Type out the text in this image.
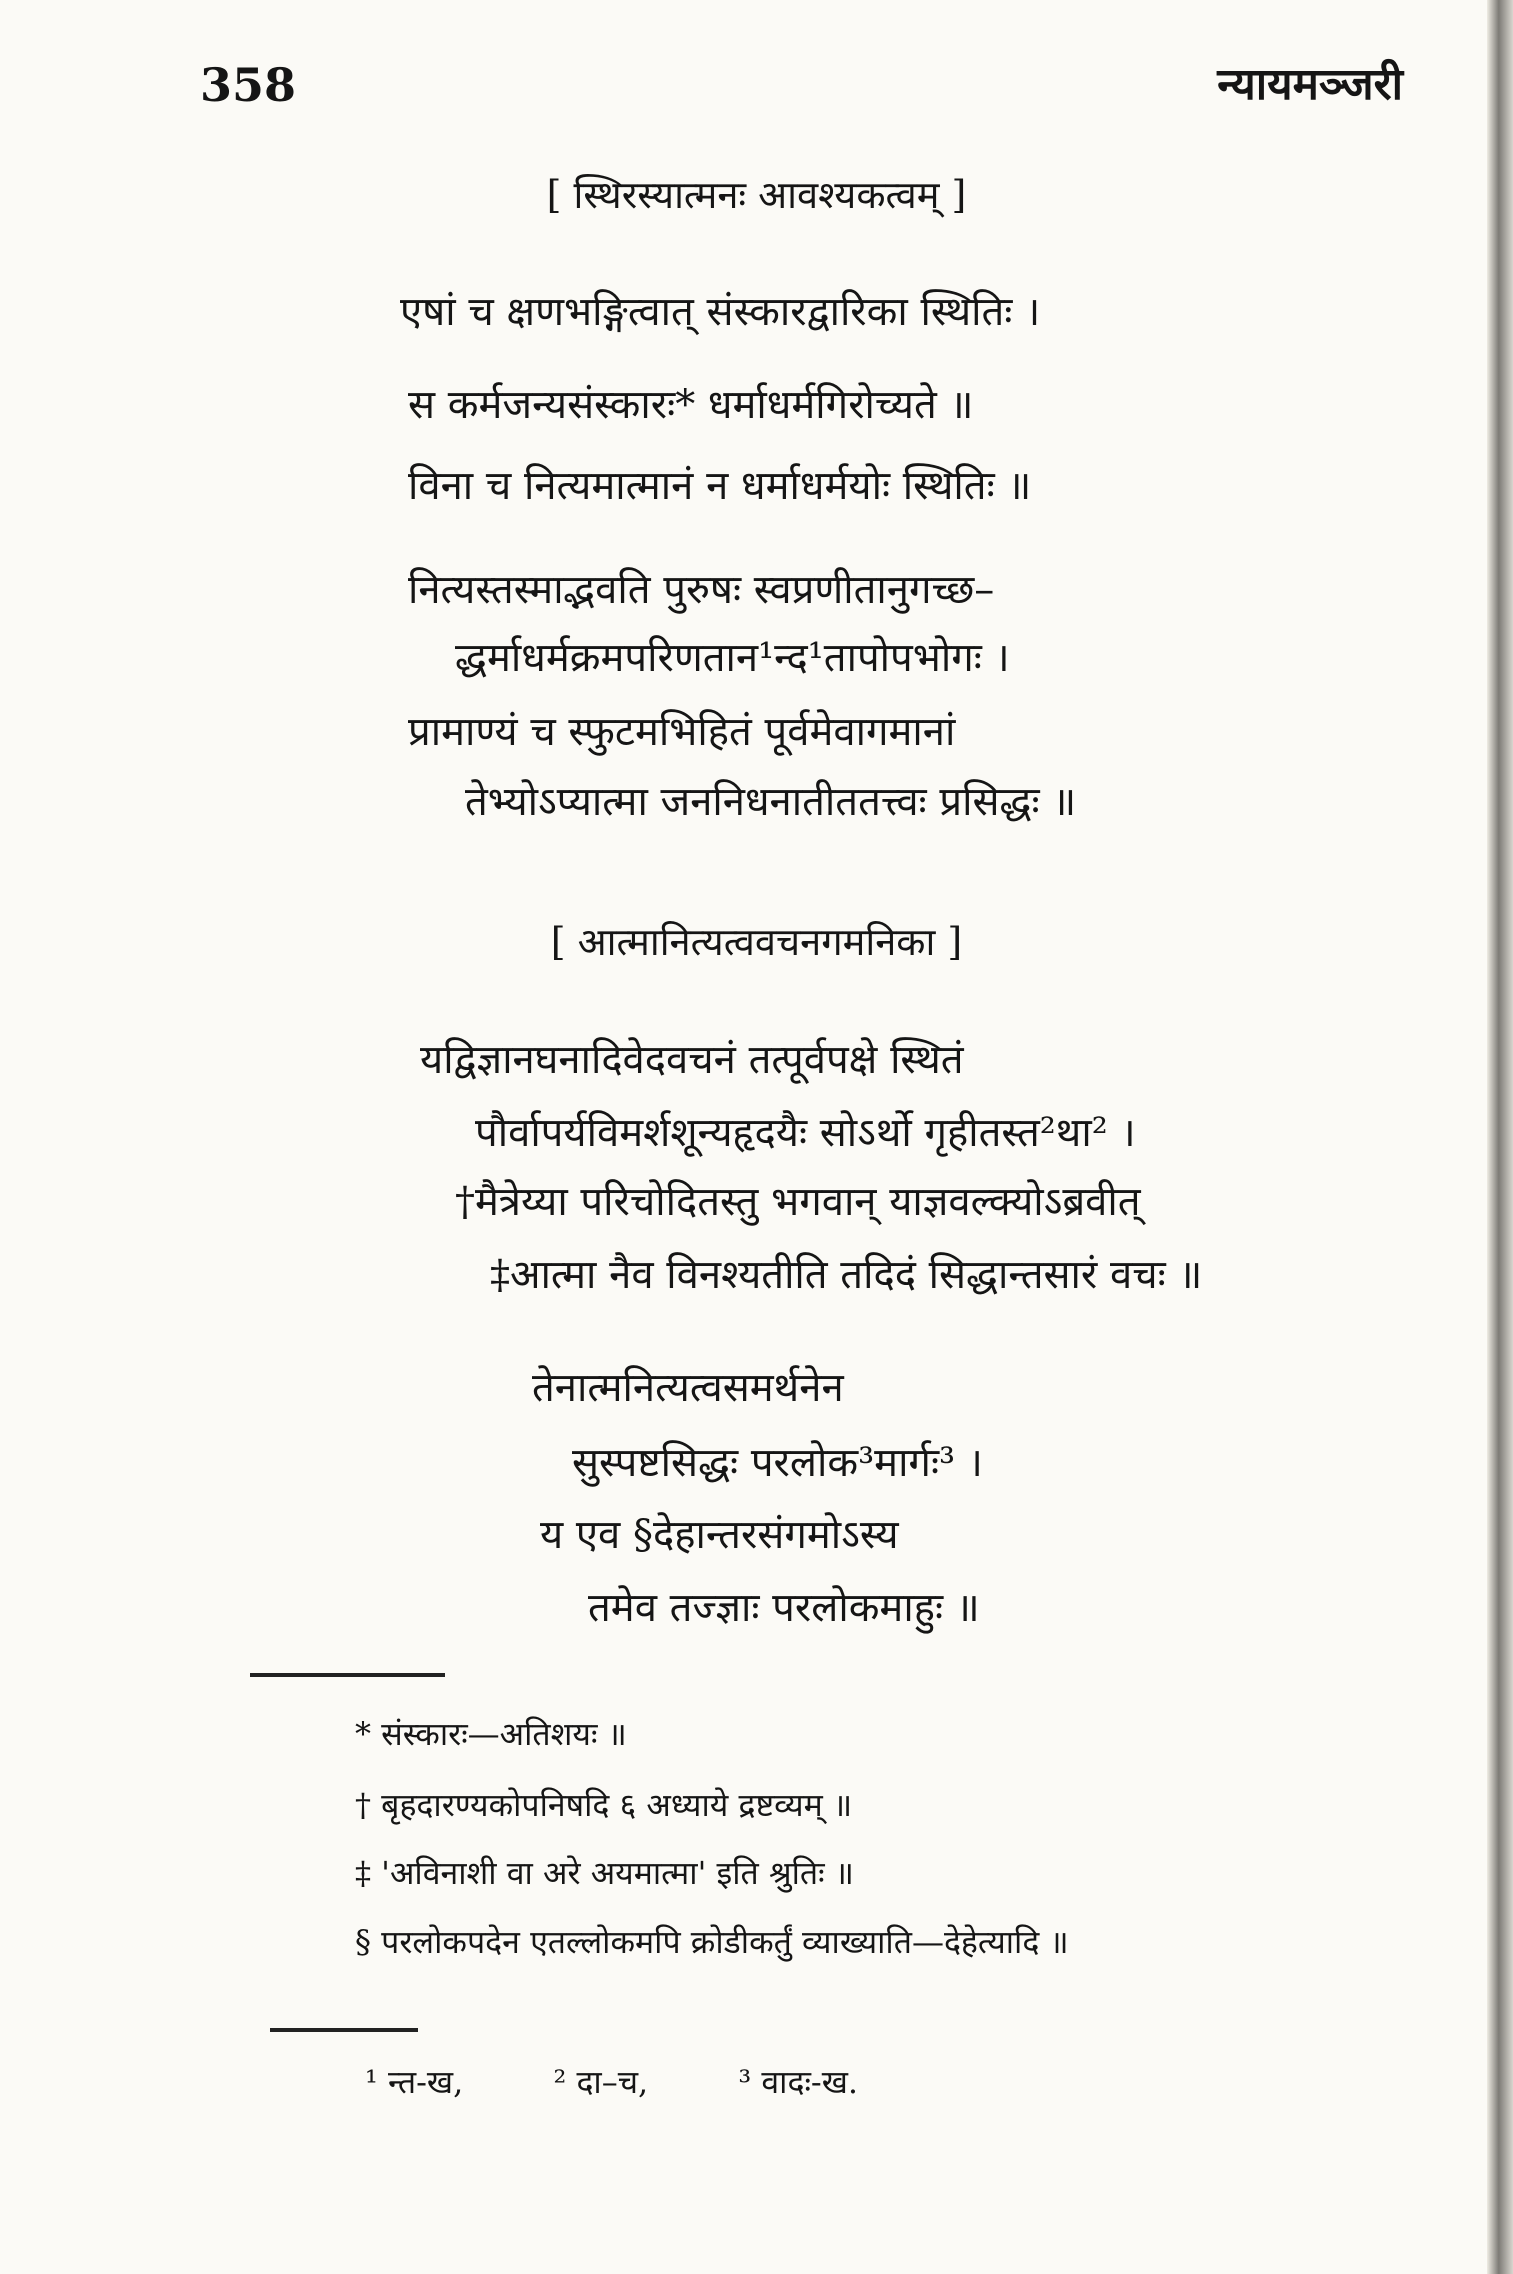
358	न्यायमञ्जरी
[ स्थिरस्यात्मनः आवश्यकत्वम् ]
एषां च क्षणभङ्गित्वात् संस्कारद्वारिका स्थितिः ।
स कर्मजन्यसंस्कारः* धर्माधर्मगिरोच्यते ॥
विना च नित्यमात्मानं न धर्माधर्मयोः स्थितिः ॥
नित्यस्तस्माद्भवति पुरुषः स्वप्रणीतानुगच्छ–
द्धर्माधर्मक्रमपरिणतान¹न्द¹तापोपभोगः ।
प्रामाण्यं च स्फुटमभिहितं पूर्वमेवागमानां
तेभ्योऽप्यात्मा जननिधनातीततत्त्वः प्रसिद्धः ॥
[ आत्मानित्यत्ववचनगमनिका ]
यद्विज्ञानघनादिवेदवचनं तत्पूर्वपक्षे स्थितं
पौर्वापर्यविमर्शशून्यहृदयैः सोऽर्थो गृहीतस्त²था² ।
†मैत्रेय्या परिचोदितस्तु भगवान् याज्ञवल्क्योऽब्रवीत्
‡आत्मा नैव विनश्यतीति तदिदं सिद्धान्तसारं वचः ॥
तेनात्मनित्यत्वसमर्थनेन
सुस्पष्टसिद्धः परलोक³मार्गः³ ।
य एव §देहान्तरसंगमोऽस्य
तमेव तज्ज्ञाः परलोकमाहुः ॥
* संस्कारः—अतिशयः ॥
† बृहदारण्यकोपनिषदि ६ अध्याये द्रष्टव्यम् ॥
‡ 'अविनाशी वा अरे अयमात्मा' इति श्रुतिः ॥
§ परलोकपदेन एतल्लोकमपि क्रोडीकर्तुं व्याख्याति—देहेत्यादि ॥
¹ न्त-ख,	² दा–च,	³ वादः-ख.
